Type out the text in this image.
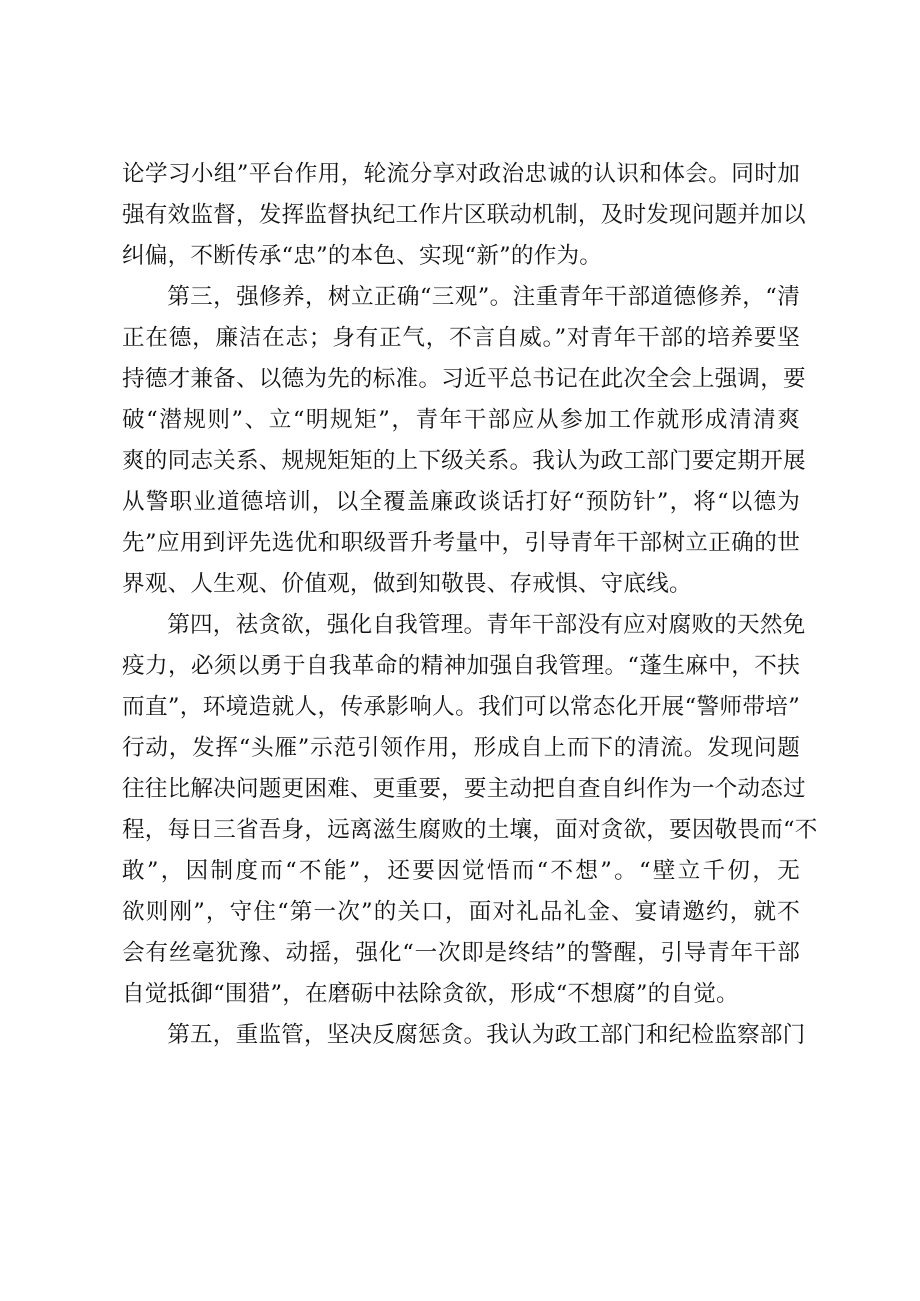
论学习小组”平台作用，轮流分享对政治忠诚的认识和体会。同时加
强有效监督，发挥监督执纪工作片区联动机制，及时发现问题并加以
纠偏，不断传承“忠”的本色、实现“新”的作为。

第三，强修养，树立正确“三观”。注重青年干部道德修养，“清
正在德，廉洁在志；身有正气，不言自威。”对青年干部的培养要坚
持德才兼备、以德为先的标准。习近平总书记在此次全会上强调，要
破“潜规则”、立“明规矩”，青年干部应从参加工作就形成清清爽
爽的同志关系、规规矩矩的上下级关系。我认为政工部门要定期开展
从警职业道德培训，以全覆盖廉政谈话打好“预防针”，将“以德为
先”应用到评先选优和职级晋升考量中，引导青年干部树立正确的世
界观、人生观、价值观，做到知敬畏、存戒惧、守底线。

第四，祛贪欲，强化自我管理。青年干部没有应对腐败的天然免
疫力，必须以勇于自我革命的精神加强自我管理。“蓬生麻中，不扶
而直”，环境造就人，传承影响人。我们可以常态化开展“警师带培”
行动，发挥“头雁”示范引领作用，形成自上而下的清流。发现问题
往往比解决问题更困难、更重要，要主动把自查自纠作为一个动态过
程，每日三省吾身，远离滋生腐败的土壤，面对贪欲，要因敬畏而“不
敢”，因制度而“不能”，还要因觉悟而“不想”。“壁立千仞，无
欲则刚”，守住“第一次”的关口，面对礼品礼金、宴请邀约，就不
会有丝毫犹豫、动摇，强化“一次即是终结”的警醒，引导青年干部
自觉抵御“围猎”，在磨砺中祛除贪欲，形成“不想腐”的自觉。

第五，重监管，坚决反腐惩贪。我认为政工部门和纪检监察部门
